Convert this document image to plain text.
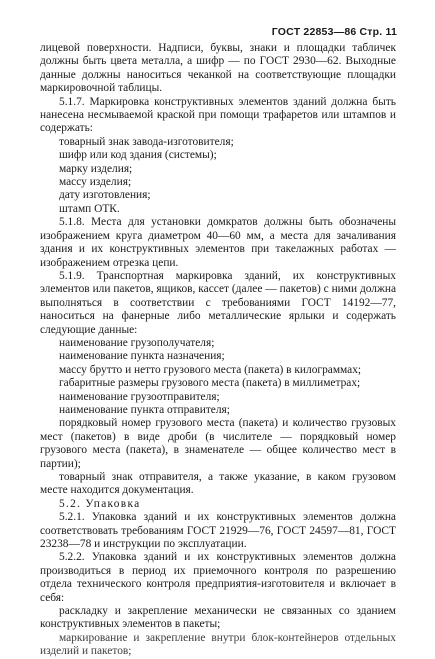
ГОСТ 22853—86 Стр. 11

лицевой поверхности. Надписи, буквы, знаки и площадки табличек должны быть цвета металла, а шифр — по ГОСТ 2930—62. Выходные данные должны наноситься чеканкой на соответствующие площадки маркировочной таблицы.

5.1.7. Маркировка конструктивных элементов зданий должна быть нанесена несмываемой краской при помощи трафаретов или штампов и содержать:

товарный знак завода-изготовителя;

шифр или код здания (системы);

марку изделия;

массу изделия;

дату изготовления;

штамп ОТК.

5.1.8. Места для установки домкратов должны быть обозначены изображением круга диаметром 40—60 мм, а места для зачаливания здания и их конструктивных элементов при такелажных работах — изображением отрезка цепи.

5.1.9. Транспортная маркировка зданий, их конструктивных элементов или пакетов, ящиков, кассет (далее — пакетов) с ними должна выполняться в соответствии с требованиями ГОСТ 14192—77, наноситься на фанерные либо металлические ярлыки и содержать следующие данные:

наименование грузополучателя;

наименование пункта назначения;

массу брутто и нетто грузового места (пакета) в килограммах;

габаритные размеры грузового места (пакета) в миллиметрах;

наименование грузоотправителя;

наименование пункта отправителя;

порядковый номер грузового места (пакета) и количество грузовых мест (пакетов) в виде дроби (в числителе — порядковый номер грузового места (пакета), в знаменателе — общее количество мест в партии);

товарный знак отправителя, а также указание, в каком грузовом месте находится документация.

5.2. Упаковка

5.2.1. Упаковка зданий и их конструктивных элементов должна соответствовать требованиям ГОСТ 21929—76, ГОСТ 24597—81, ГОСТ 23238—78 и инструкции по эксплуатации.

5.2.2. Упаковка зданий и их конструктивных элементов должна производиться в период их приемочного контроля по разрешению отдела технического контроля предприятия-изготовителя и включает в себя:

раскладку и закрепление механически не связанных со зданием конструктивных элементов в пакеты;

маркирование и закрепление внутри блок-контейнеров отдельных изделий и пакетов;
